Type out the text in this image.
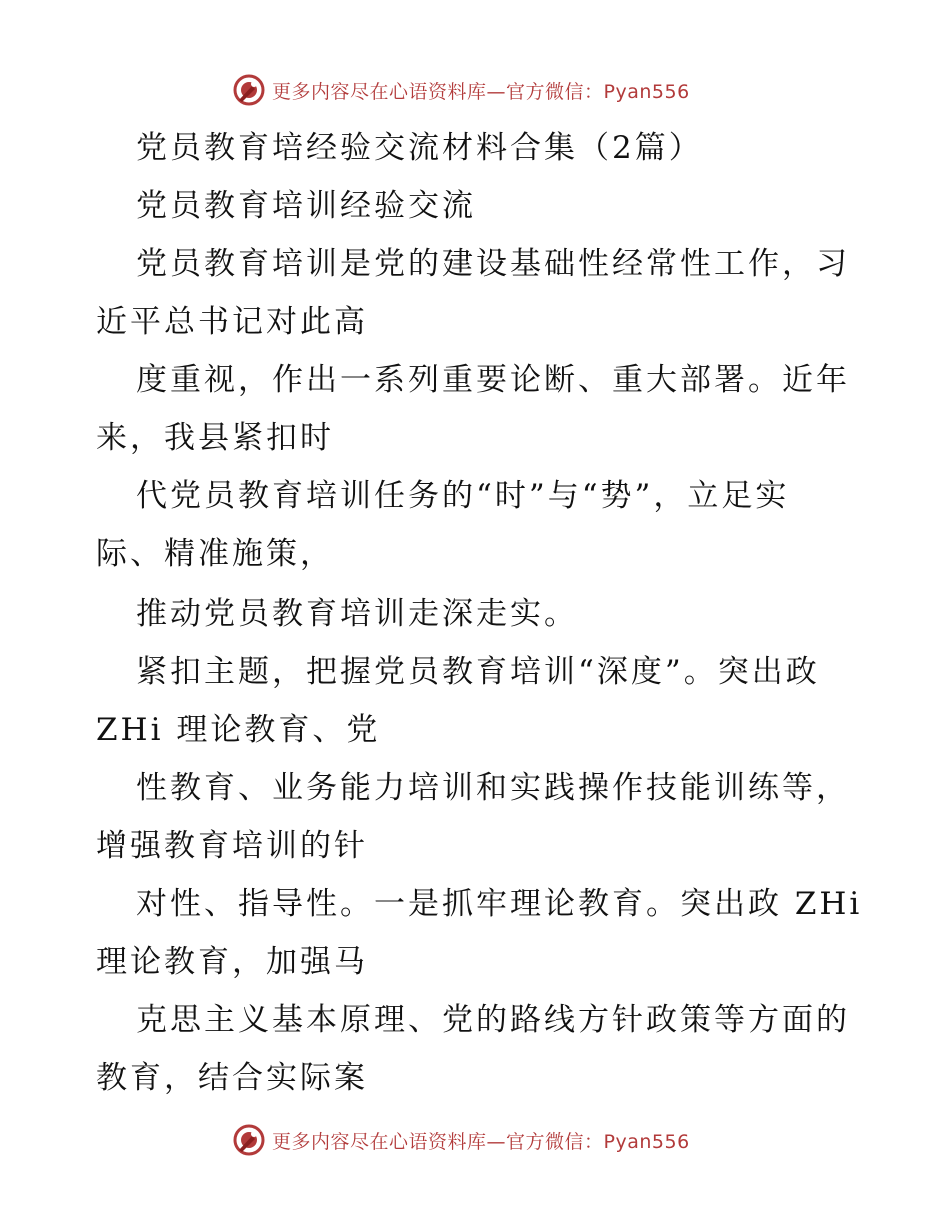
更多内容尽在心语资料库—官方微信：Pyan556
党员教育培经验交流材料合集（2篇）
党员教育培训经验交流
党员教育培训是党的建设基础性经常性工作，习
近平总书记对此高
度重视，作出一系列重要论断、重大部署。近年
来，我县紧扣时
代党员教育培训任务的“时”与“势”，立足实
际、精准施策，
推动党员教育培训走深走实。
紧扣主题，把握党员教育培训“深度”。突出政
ZHi 理论教育、党
性教育、业务能力培训和实践操作技能训练等，
增强教育培训的针
对性、指导性。一是抓牢理论教育。突出政 ZHi
理论教育，加强马
克思主义基本原理、党的路线方针政策等方面的
教育，结合实际案
更多内容尽在心语资料库—官方微信：Pyan556
